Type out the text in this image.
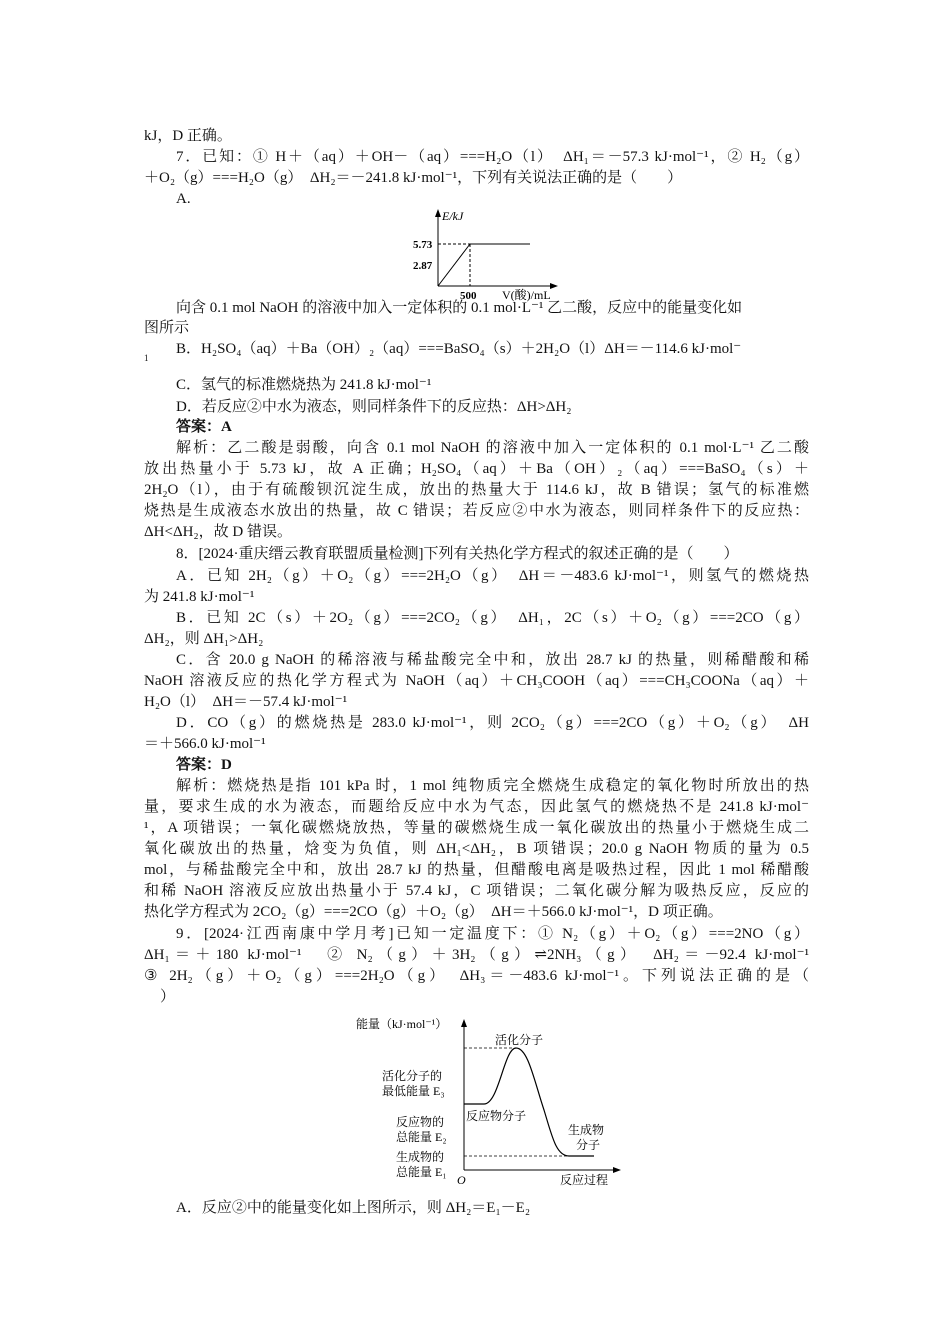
kJ，D 正确。
7．已知：① H＋（aq）＋OH－（aq）===H₂O（l）　ΔH₁＝－57.3 kJ·mol⁻¹，② H₂（g）
＋O₂（g）===H₂O（g）　ΔH₂＝－241.8 kJ·mol⁻¹，下列有关说法正确的是（　　）
A.
E/kJ
5.73
2.87
500 V(酸)/mL
向含 0.1 mol NaOH 的溶液中加入一定体积的 0.1 mol·L⁻¹ 乙二酸，反应中的能量变化如
图所示
B．H₂SO₄（aq）＋Ba（OH）₂（aq）===BaSO₄（s）＋2H₂O（l）ΔH＝－114.6 kJ·mol⁻
1
C．氢气的标准燃烧热为 241.8 kJ·mol⁻¹
D．若反应②中水为液态，则同样条件下的反应热：ΔH>ΔH₂
答案：A
解析：乙二酸是弱酸，向含 0.1 mol NaOH 的溶液中加入一定体积的 0.1 mol·L⁻¹ 乙二酸
放出热量小于 5.73 kJ，故 A 正确；H₂SO₄（aq）＋Ba（OH）₂（aq）===BaSO₄（s）＋
2H₂O（l），由于有硫酸钡沉淀生成，放出的热量大于 114.6 kJ，故 B 错误；氢气的标准燃
烧热是生成液态水放出的热量，故 C 错误；若反应②中水为液态，则同样条件下的反应热：
ΔH<ΔH₂，故 D 错误。
8．[2024·重庆缙云教育联盟质量检测]下列有关热化学方程式的叙述正确的是（　　）
A．已知 2H₂（g）＋O₂（g）===2H₂O（g）　ΔH＝－483.6 kJ·mol⁻¹，则氢气的燃烧热
为 241.8 kJ·mol⁻¹
B．已知 2C（s）＋2O₂（g）===2CO₂（g）　ΔH₁，2C（s）＋O₂（g）===2CO（g）
ΔH₂，则 ΔH₁>ΔH₂
C．含 20.0 g NaOH 的稀溶液与稀盐酸完全中和，放出 28.7 kJ 的热量，则稀醋酸和稀
NaOH 溶液反应的热化学方程式为 NaOH（aq）＋CH₃COOH（aq）===CH₃COONa（aq）＋
H₂O（l）　ΔH＝－57.4 kJ·mol⁻¹
D．CO（g）的燃烧热是 283.0 kJ·mol⁻¹，则 2CO₂（g）===2CO（g）＋O₂（g）　ΔH
＝＋566.0 kJ·mol⁻¹
答案：D
解析：燃烧热是指 101 kPa 时，1 mol 纯物质完全燃烧生成稳定的氧化物时所放出的热
量，要求生成的水为液态，而题给反应中水为气态，因此氢气的燃烧热不是 241.8 kJ·mol⁻
¹，A 项错误；一氧化碳燃烧放热，等量的碳燃烧生成一氧化碳放出的热量小于燃烧生成二
氧化碳放出的热量，焓变为负值，则 ΔH₁<ΔH₂，B 项错误；20.0 g NaOH 物质的量为 0.5
mol，与稀盐酸完全中和，放出 28.7 kJ 的热量，但醋酸电离是吸热过程，因此 1 mol 稀醋酸
和稀 NaOH 溶液反应放出热量小于 57.4 kJ，C 项错误；二氧化碳分解为吸热反应，反应的
热化学方程式为 2CO₂（g）===2CO（g）＋O₂（g）　ΔH＝＋566.0 kJ·mol⁻¹，D 项正确。
9．[2024·江西南康中学月考]已知一定温度下：① N₂（g）＋O₂（g）===2NO（g）
ΔH₁＝＋180 kJ·mol⁻¹　② N₂（g）＋3H₂（g）⇌2NH₃（g）　ΔH₂＝－92.4 kJ·mol⁻¹
③ 2H₂（g）＋O₂（g）===2H₂O（g）　ΔH₃＝－483.6 kJ·mol⁻¹。下列说法正确的是（
）
能量（kJ·mol⁻¹）
活化分子的
最低能量 E₃
反应物的
总能量 E₂
生成物的
总能量 E₁
活化分子
反应物分子
生成物
分子
O	反应过程
A．反应②中的能量变化如上图所示，则 ΔH₂＝E₁－E₂
